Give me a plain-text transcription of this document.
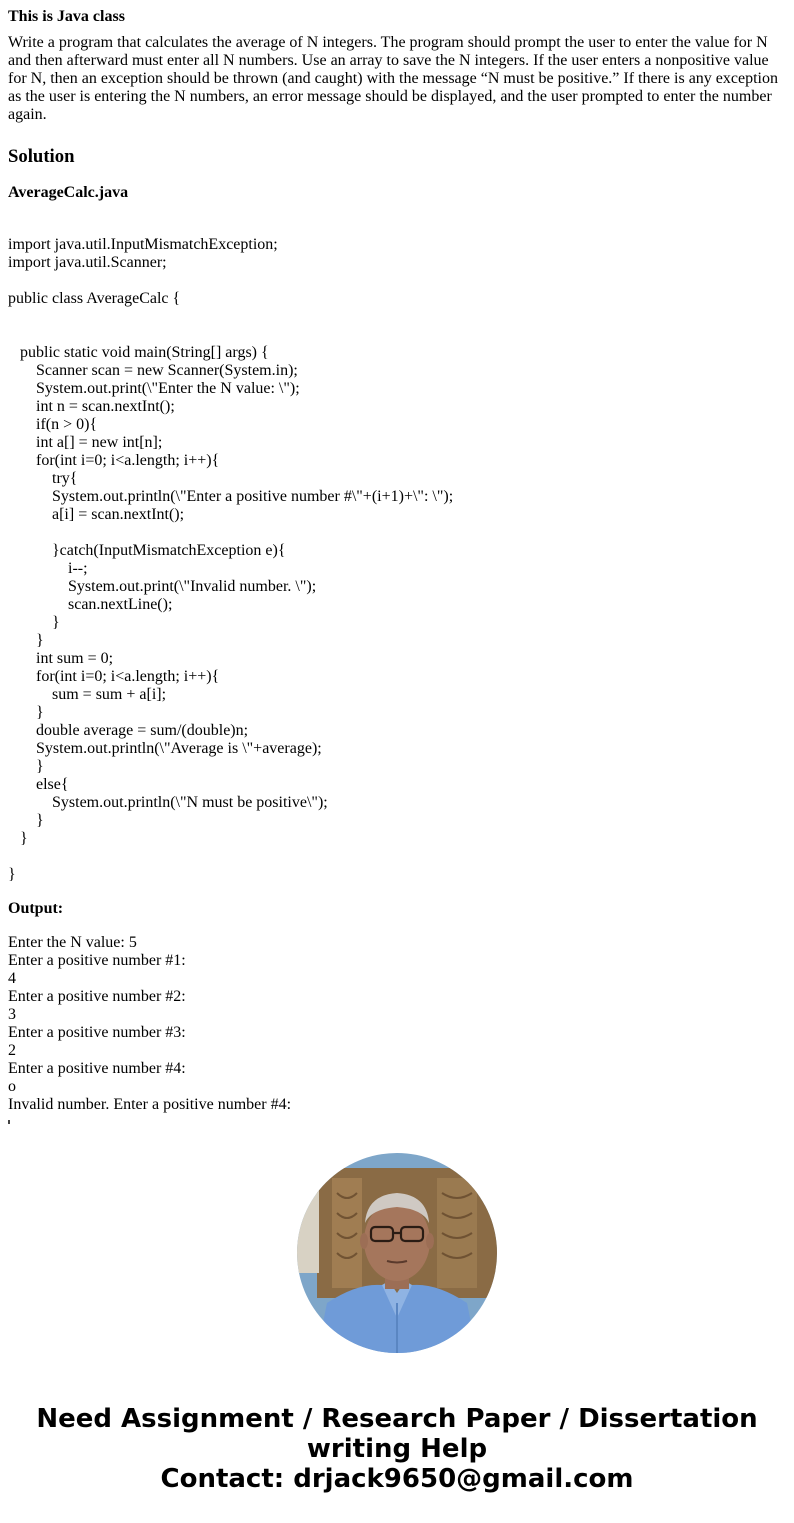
This is Java class
Write a program that calculates the average of N integers. The program should prompt the user to enter the value for N and then afterward must enter all N numbers. Use an array to save the N integers. If the user enters a nonpositive value for N, then an exception should be thrown (and caught) with the message “N must be positive.” If there is any exception as the user is entering the N numbers, an error message should be displayed, and the user prompted to enter the number again.
Solution
AverageCalc.java
import java.util.InputMismatchException;
import java.util.Scanner;

public class AverageCalc {

public static void main(String[] args) {
Scanner scan = new Scanner(System.in);
System.out.print(\"Enter the N value: \");
int n = scan.nextInt();
if(n > 0){
int a[] = new int[n];
for(int i=0; i<a.length; i++){
try{
System.out.println(\"Enter a positive number #\"+(i+1)+\": \");
a[i] = scan.nextInt();

}catch(InputMismatchException e){
i--;
System.out.print(\"Invalid number. \");
scan.nextLine();
}
}
int sum = 0;
for(int i=0; i<a.length; i++){
sum = sum + a[i];
}
double average = sum/(double)n;
System.out.println(\"Average is \"+average);
}
else{
System.out.println(\"N must be positive\");
}
}

}
Output:
Enter the N value: 5
Enter a positive number #1:
4
Enter a positive number #2:
3
Enter a positive number #3:
2
Enter a positive number #4:
o
Invalid number. Enter a positive number #4:
Need Assignment / Research Paper / Dissertation
writing Help
Contact: drjack9650@gmail.com
